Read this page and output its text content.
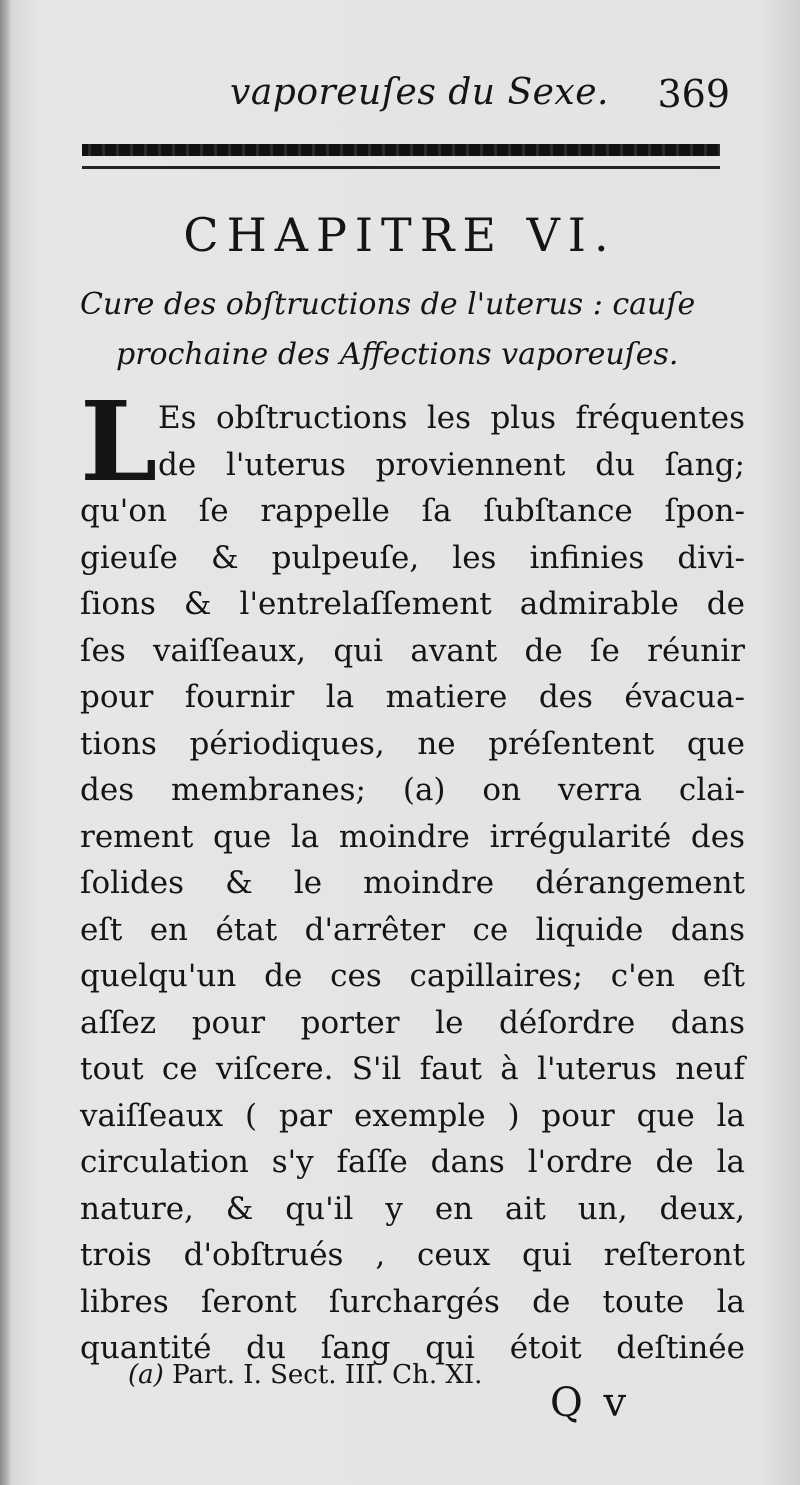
vaporeuſes du Sexe. 369
CHAPITRE VI.
Cure des obſtructions de l'uterus : cauſe
prochaine des Affections vaporeuſes.
L Es obſtructions les plus fréquentes
de l'uterus proviennent du ſang;
qu'on ſe rappelle ſa ſubſtance ſpon-
gieuſe & pulpeuſe, les infinies divi-
ſions & l'entrelaſſement admirable de
ſes vaiſſeaux, qui avant de ſe réunir
pour fournir la matiere des évacua-
tions périodiques, ne préſentent que
des membranes; (a) on verra clai-
rement que la moindre irrégularité des
ſolides & le moindre dérangement
eſt en état d'arrêter ce liquide dans
quelqu'un de ces capillaires; c'en eſt
aſſez pour porter le déſordre dans
tout ce viſcere. S'il faut à l'uterus neuf
vaiſſeaux ( par exemple ) pour que la
circulation s'y faſſe dans l'ordre de la
nature, & qu'il y en ait un, deux,
trois d'obſtrués , ceux qui reſteront
libres ſeront ſurchargés de toute la
quantité du ſang qui étoit deſtinée
(a) Part. I. Sect. III. Ch. XI.
Q v
